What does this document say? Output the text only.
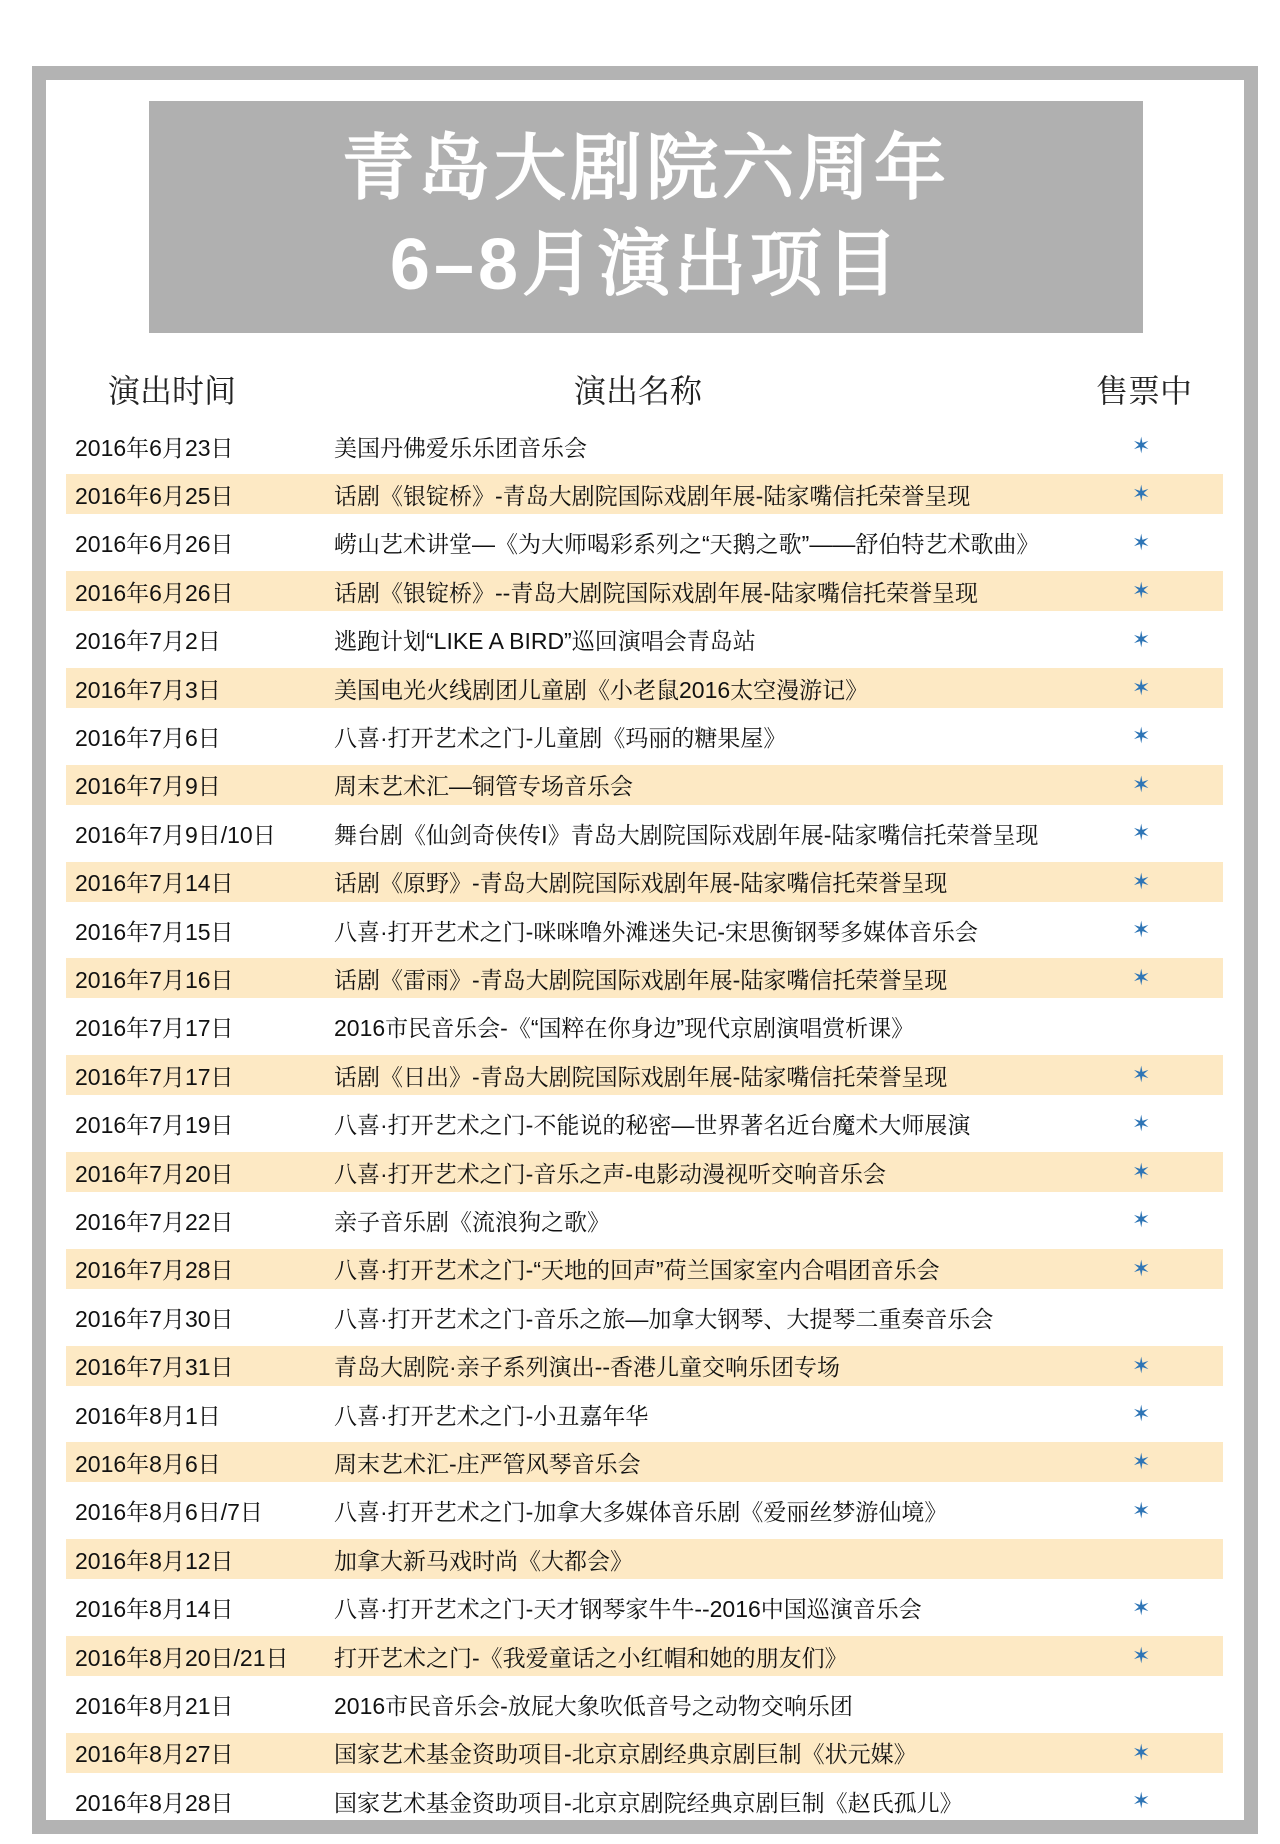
青岛大剧院六周年
6–8月演出项目
演出时间	演出名称	售票中
2016年6月23日	美国丹佛爱乐乐团音乐会	✶
2016年6月25日	话剧《银锭桥》-青岛大剧院国际戏剧年展-陆家嘴信托荣誉呈现	✶
2016年6月26日	崂山艺术讲堂—《为大师喝彩系列之“天鹅之歌”——舒伯特艺术歌曲》	✶
2016年6月26日	话剧《银锭桥》--青岛大剧院国际戏剧年展-陆家嘴信托荣誉呈现	✶
2016年7月2日	逃跑计划“LIKE A BIRD”巡回演唱会青岛站	✶
2016年7月3日	美国电光火线剧团儿童剧《小老鼠2016太空漫游记》	✶
2016年7月6日	八喜·打开艺术之门-儿童剧《玛丽的糖果屋》	✶
2016年7月9日	周末艺术汇—铜管专场音乐会	✶
2016年7月9日/10日	舞台剧《仙剑奇侠传Ⅰ》青岛大剧院国际戏剧年展-陆家嘴信托荣誉呈现	✶
2016年7月14日	话剧《原野》-青岛大剧院国际戏剧年展-陆家嘴信托荣誉呈现	✶
2016年7月15日	八喜·打开艺术之门-咪咪噜外滩迷失记-宋思衡钢琴多媒体音乐会	✶
2016年7月16日	话剧《雷雨》-青岛大剧院国际戏剧年展-陆家嘴信托荣誉呈现	✶
2016年7月17日	2016市民音乐会-《“国粹在你身边”现代京剧演唱赏析课》
2016年7月17日	话剧《日出》-青岛大剧院国际戏剧年展-陆家嘴信托荣誉呈现	✶
2016年7月19日	八喜·打开艺术之门-不能说的秘密—世界著名近台魔术大师展演	✶
2016年7月20日	八喜·打开艺术之门-音乐之声-电影动漫视听交响音乐会	✶
2016年7月22日	亲子音乐剧《流浪狗之歌》	✶
2016年7月28日	八喜·打开艺术之门-“天地的回声”荷兰国家室内合唱团音乐会	✶
2016年7月30日	八喜·打开艺术之门-音乐之旅—加拿大钢琴、大提琴二重奏音乐会
2016年7月31日	青岛大剧院·亲子系列演出--香港儿童交响乐团专场	✶
2016年8月1日	八喜·打开艺术之门-小丑嘉年华	✶
2016年8月6日	周末艺术汇-庄严管风琴音乐会	✶
2016年8月6日/7日	八喜·打开艺术之门-加拿大多媒体音乐剧《爱丽丝梦游仙境》	✶
2016年8月12日	加拿大新马戏时尚《大都会》
2016年8月14日	八喜·打开艺术之门-天才钢琴家牛牛--2016中国巡演音乐会	✶
2016年8月20日/21日 打开艺术之门-《我爱童话之小红帽和她的朋友们》	✶
2016年8月21日	2016市民音乐会-放屁大象吹低音号之动物交响乐团
2016年8月27日	国家艺术基金资助项目-北京京剧经典京剧巨制《状元媒》	✶
2016年8月28日	国家艺术基金资助项目-北京京剧院经典京剧巨制《赵氏孤儿》	✶
